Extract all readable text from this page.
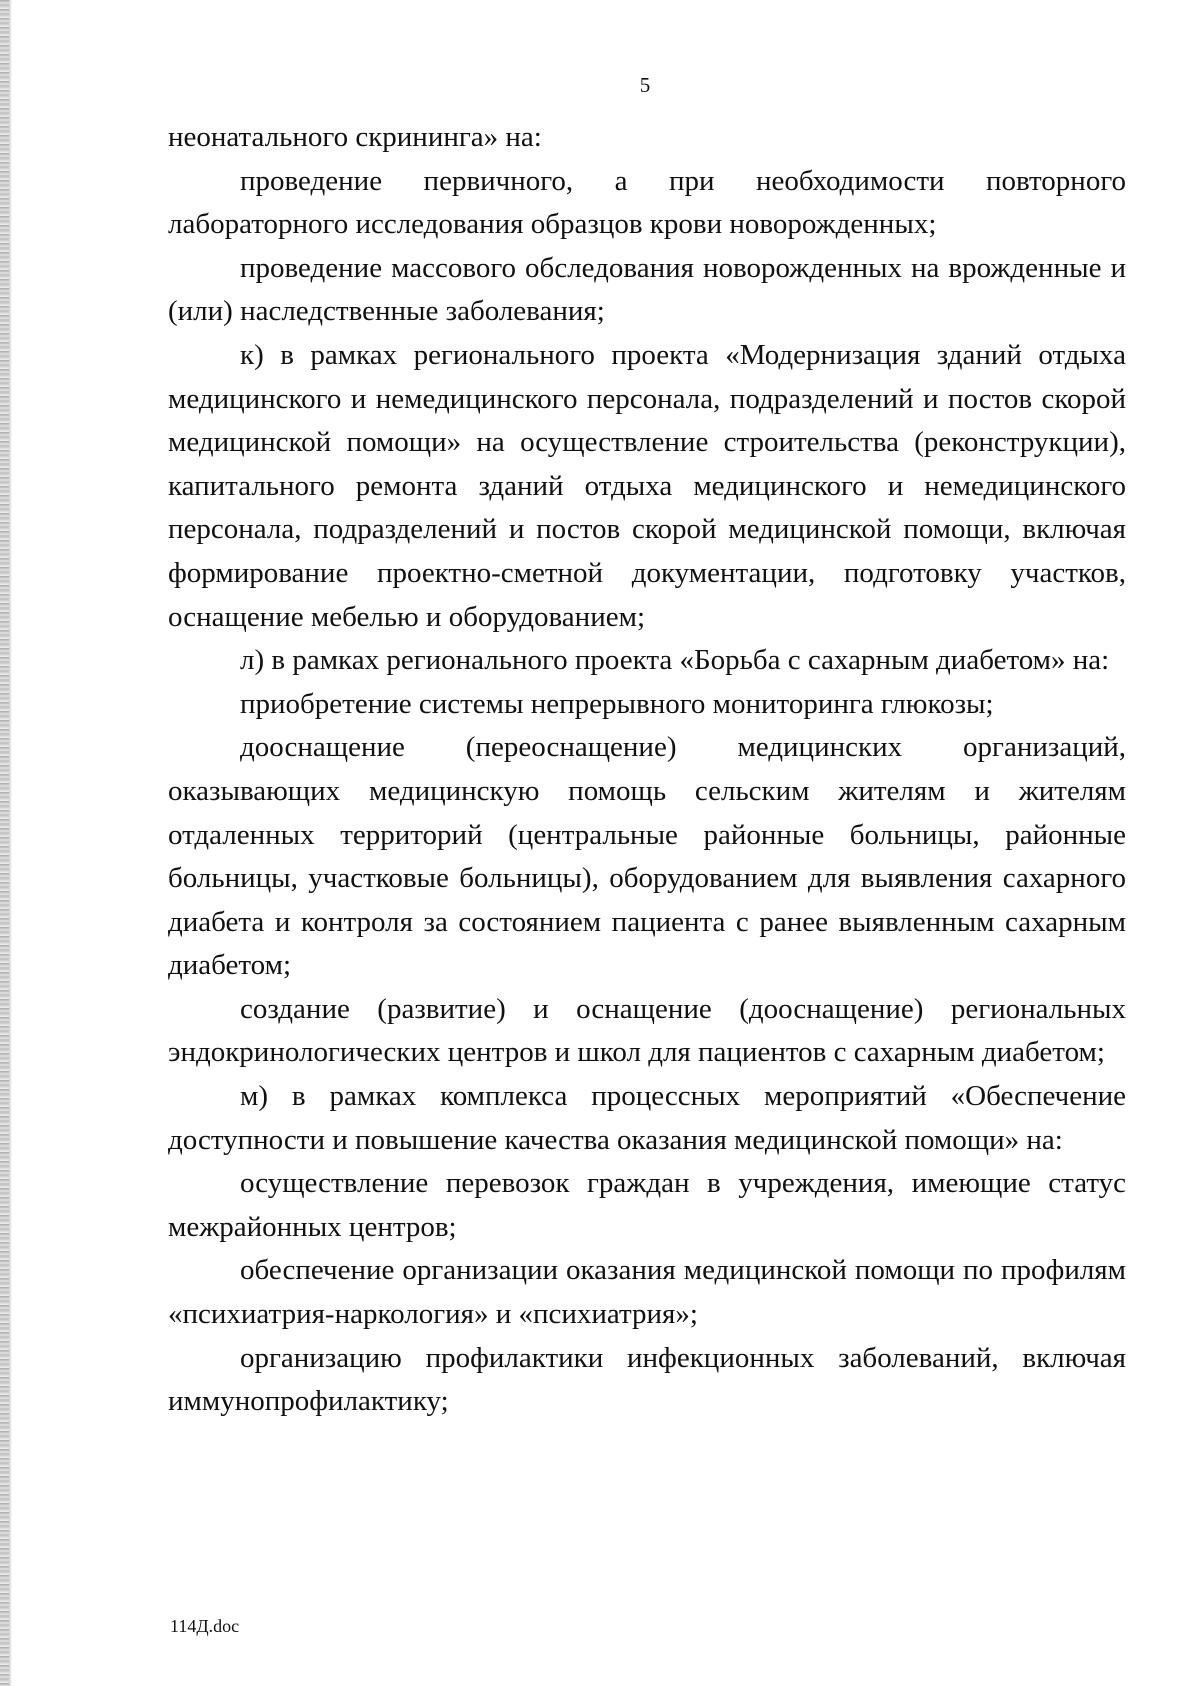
5

неонатального скрининга» на:

проведение первичного, а при необходимости повторного лабораторного исследования образцов крови новорожденных;

проведение массового обследования новорожденных на врожденные и (или) наследственные заболевания;

к) в рамках регионального проекта «Модернизация зданий отдыха медицинского и немедицинского персонала, подразделений и постов скорой медицинской помощи» на осуществление строительства (реконструкции), капитального ремонта зданий отдыха медицинского и немедицинского персонала, подразделений и постов скорой медицинской помощи, включая формирование проектно-сметной документации, подготовку участков, оснащение мебелью и оборудованием;

л) в рамках регионального проекта «Борьба с сахарным диабетом» на:

приобретение системы непрерывного мониторинга глюкозы;

дооснащение (переоснащение) медицинских организаций, оказывающих медицинскую помощь сельским жителям и жителям отдаленных территорий (центральные районные больницы, районные больницы, участковые больницы), оборудованием для выявления сахарного диабета и контроля за состоянием пациента с ранее выявленным сахарным диабетом;

создание (развитие) и оснащение (дооснащение) региональных эндокринологических центров и школ для пациентов с сахарным диабетом;

м) в рамках комплекса процессных мероприятий «Обеспечение доступности и повышение качества оказания медицинской помощи» на:

осуществление перевозок граждан в учреждения, имеющие статус межрайонных центров;

обеспечение организации оказания медицинской помощи по профилям «психиатрия-наркология» и «психиатрия»;

организацию профилактики инфекционных заболеваний, включая иммунопрофилактику;

114Д.doc
